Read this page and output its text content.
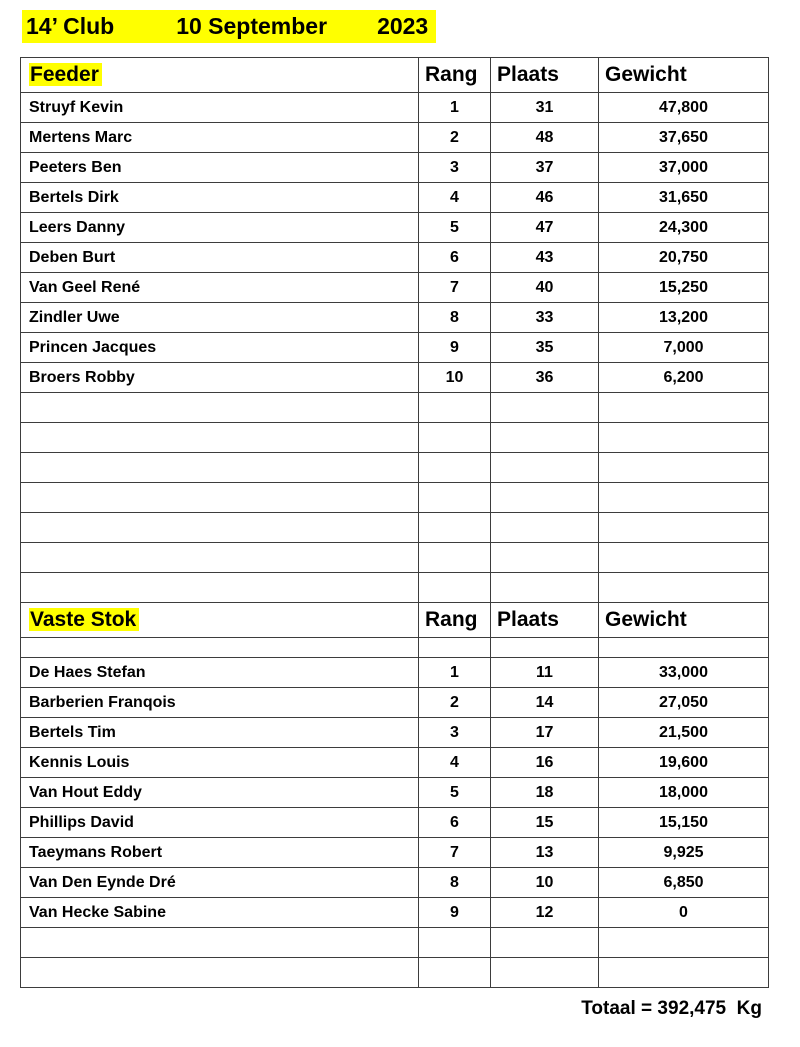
14’ Club	10 September 2023
Feeder	Rang	Plaats	Gewicht
Struyf Kevin	1	31	47,800
Mertens Marc	2	48	37,650
Peeters Ben	3	37	37,000
Bertels Dirk	4	46	31,650
Leers Danny	5	47	24,300
Deben Burt	6	43	20,750
Van Geel René	7	40	15,250
Zindler Uwe	8	33	13,200
Princen Jacques	9	35	7,000
Broers Robby	10	36	6,200

Vaste Stok	Rang	Plaats	Gewicht

De Haes Stefan	1	11	33,000
Barberien Franqois	2	14	27,050
Bertels Tim	3	17	21,500
Kennis Louis	4	16	19,600
Van Hout Eddy	5	18	18,000
Phillips David	6	15	15,150
Taeymans Robert	7	13	9,925
Van Den Eynde Dré	8	10	6,850
Van Hecke Sabine	9	12	0

Totaal = 392,475  Kg
